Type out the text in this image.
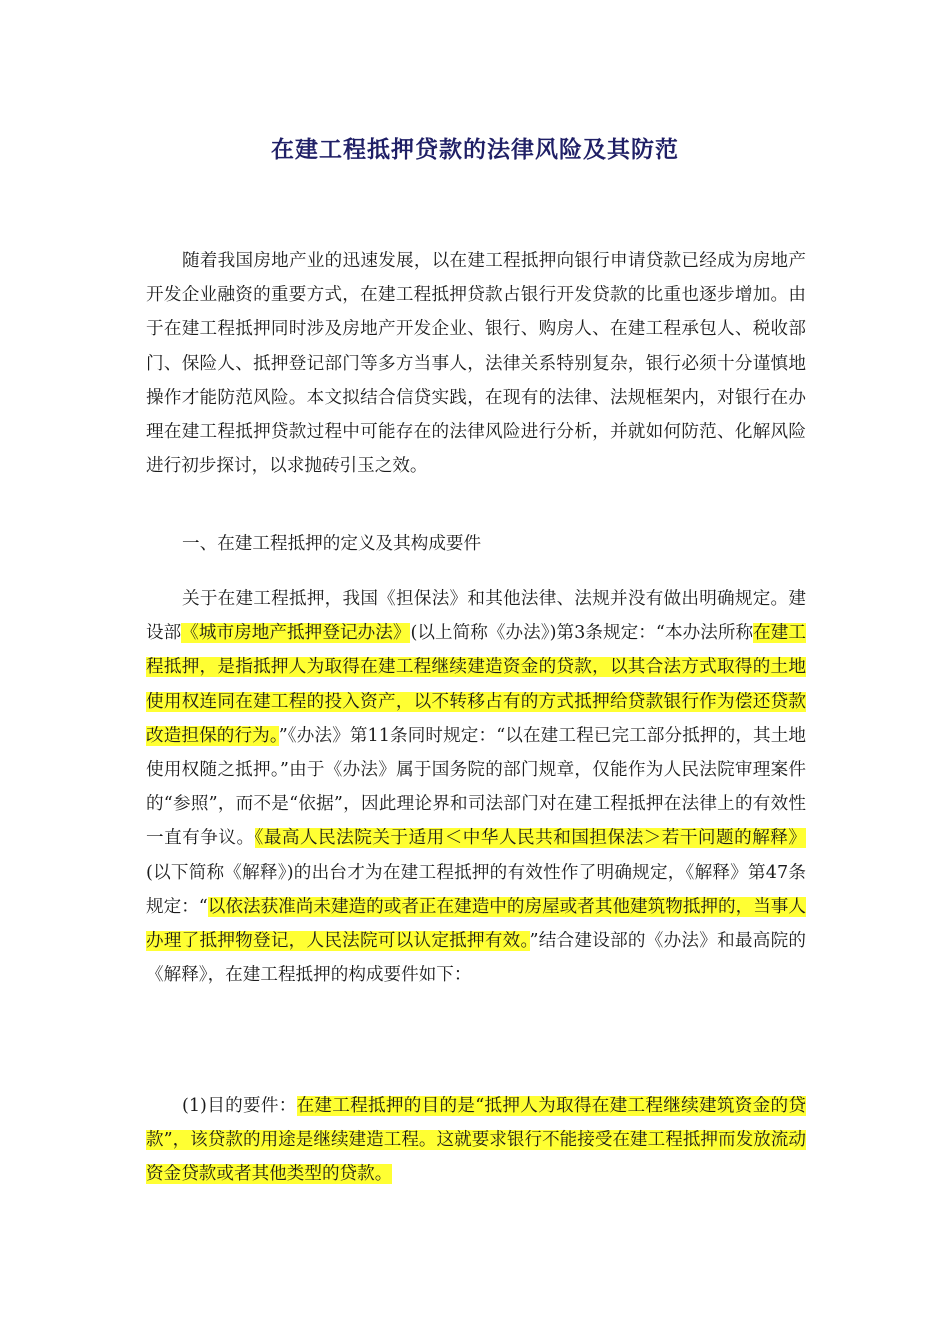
在建工程抵押贷款的法律风险及其防范

随着我国房地产业的迅速发展，以在建工程抵押向银行申请贷款已经成为房地产开发企业融资的重要方式，在建工程抵押贷款占银行开发贷款的比重也逐步增加。由于在建工程抵押同时涉及房地产开发企业、银行、购房人、在建工程承包人、税收部门、保险人、抵押登记部门等多方当事人，法律关系特别复杂，银行必须十分谨慎地操作才能防范风险。本文拟结合信贷实践，在现有的法律、法规框架内，对银行在办理在建工程抵押贷款过程中可能存在的法律风险进行分析，并就如何防范、化解风险进行初步探讨，以求抛砖引玉之效。

一、在建工程抵押的定义及其构成要件

关于在建工程抵押，我国《担保法》和其他法律、法规并没有做出明确规定。建设部《城市房地产抵押登记办法》(以上简称《办法》)第3条规定：“本办法所称在建工程抵押，是指抵押人为取得在建工程继续建造资金的贷款，以其合法方式取得的土地使用权连同在建工程的投入资产，以不转移占有的方式抵押给贷款银行作为偿还贷款改造担保的行为。”《办法》第11条同时规定：“以在建工程已完工部分抵押的，其土地使用权随之抵押。”由于《办法》属于国务院的部门规章，仅能作为人民法院审理案件的“参照”，而不是“依据”，因此理论界和司法部门对在建工程抵押在法律上的有效性一直有争议。《最高人民法院关于适用＜中华人民共和国担保法＞若干问题的解释》(以下简称《解释》)的出台才为在建工程抵押的有效性作了明确规定，《解释》第47条规定：“以依法获准尚未建造的或者正在建造中的房屋或者其他建筑物抵押的，当事人办理了抵押物登记，人民法院可以认定抵押有效。”结合建设部的《办法》和最高院的《解释》，在建工程抵押的构成要件如下：

(1)目的要件：在建工程抵押的目的是“抵押人为取得在建工程继续建筑资金的贷款”，该贷款的用途是继续建造工程。这就要求银行不能接受在建工程抵押而发放流动资金贷款或者其他类型的贷款。
